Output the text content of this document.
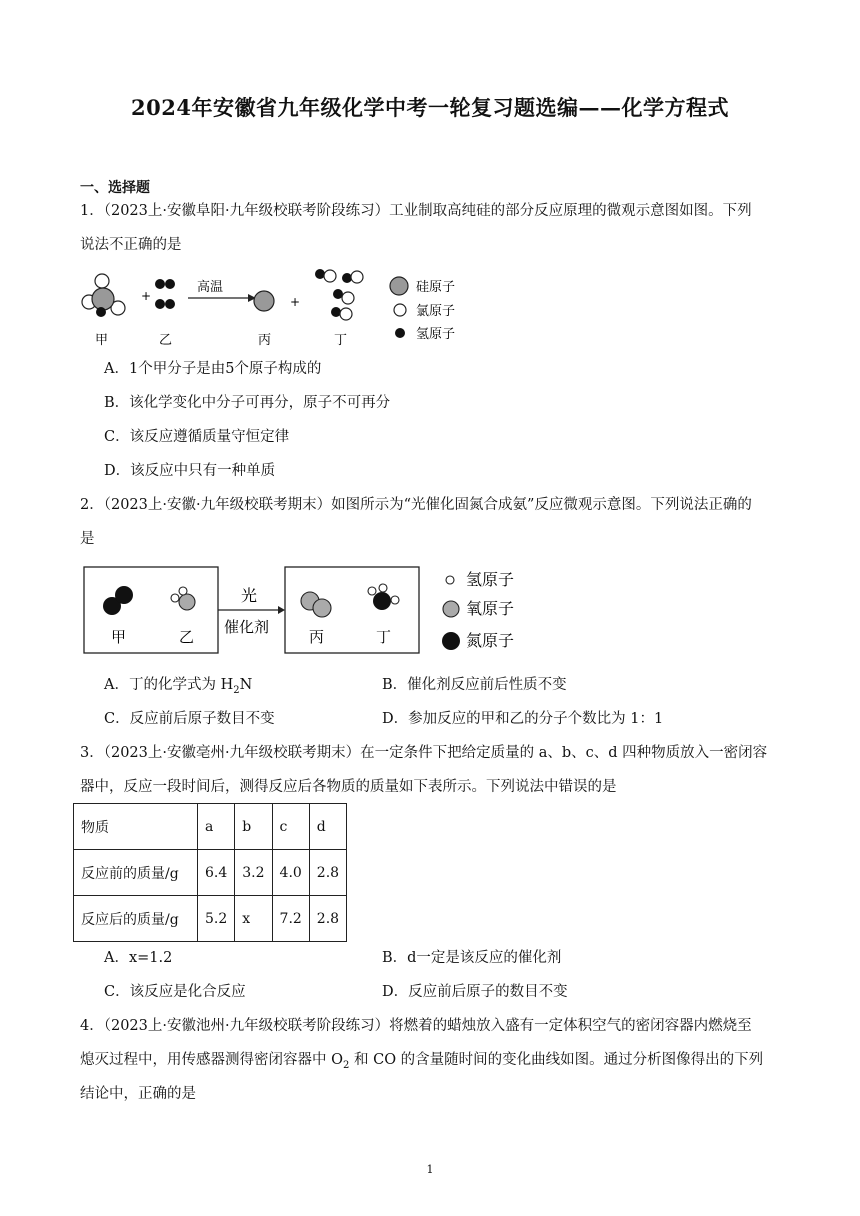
2024年安徽省九年级化学中考一轮复习题选编——化学方程式
一、选择题
1．（2023上·安徽阜阳·九年级校联考阶段练习）工业制取高纯硅的部分反应原理的微观示意图如图。下列
说法不正确的是
+
高温
+
硅原子
氯原子
氢原子
甲	乙	丙	丁
A．1个甲分子是由5个原子构成的
B．该化学变化中分子可再分，原子不可再分
C．该反应遵循质量守恒定律
D．该反应中只有一种单质
2．（2023上·安徽·九年级校联考期末）如图所示为“光催化固氮合成氨”反应微观示意图。下列说法正确的
是
光
催化剂
甲	乙	丙	丁
氢原子
氧原子
氮原子
A．丁的化学式为 $H_2N$	B．催化剂反应前后性质不变
C．反应前后原子数目不变	D．参加反应的甲和乙的分子个数比为 1：1
3．（2023上·安徽亳州·九年级校联考期末）在一定条件下把给定质量的 a、b、c、d 四种物质放入一密闭容
器中，反应一段时间后，测得反应后各物质的质量如下表所示。下列说法中错误的是
物质	a	b	c	d
反应前的质量/g	6.4	3.2	4.0	2.8
反应后的质量/g	5.2	x	7.2	2.8
A．x=1.2	B．d一定是该反应的催化剂
C．该反应是化合反应	D．反应前后原子的数目不变
4．（2023上·安徽池州·九年级校联考阶段练习）将燃着的蜡烛放入盛有一定体积空气的密闭容器内燃烧至
熄灭过程中，用传感器测得密闭容器中 $O_2$ 和 CO 的含量随时间的变化曲线如图。通过分析图像得出的下列
结论中，正确的是
1
